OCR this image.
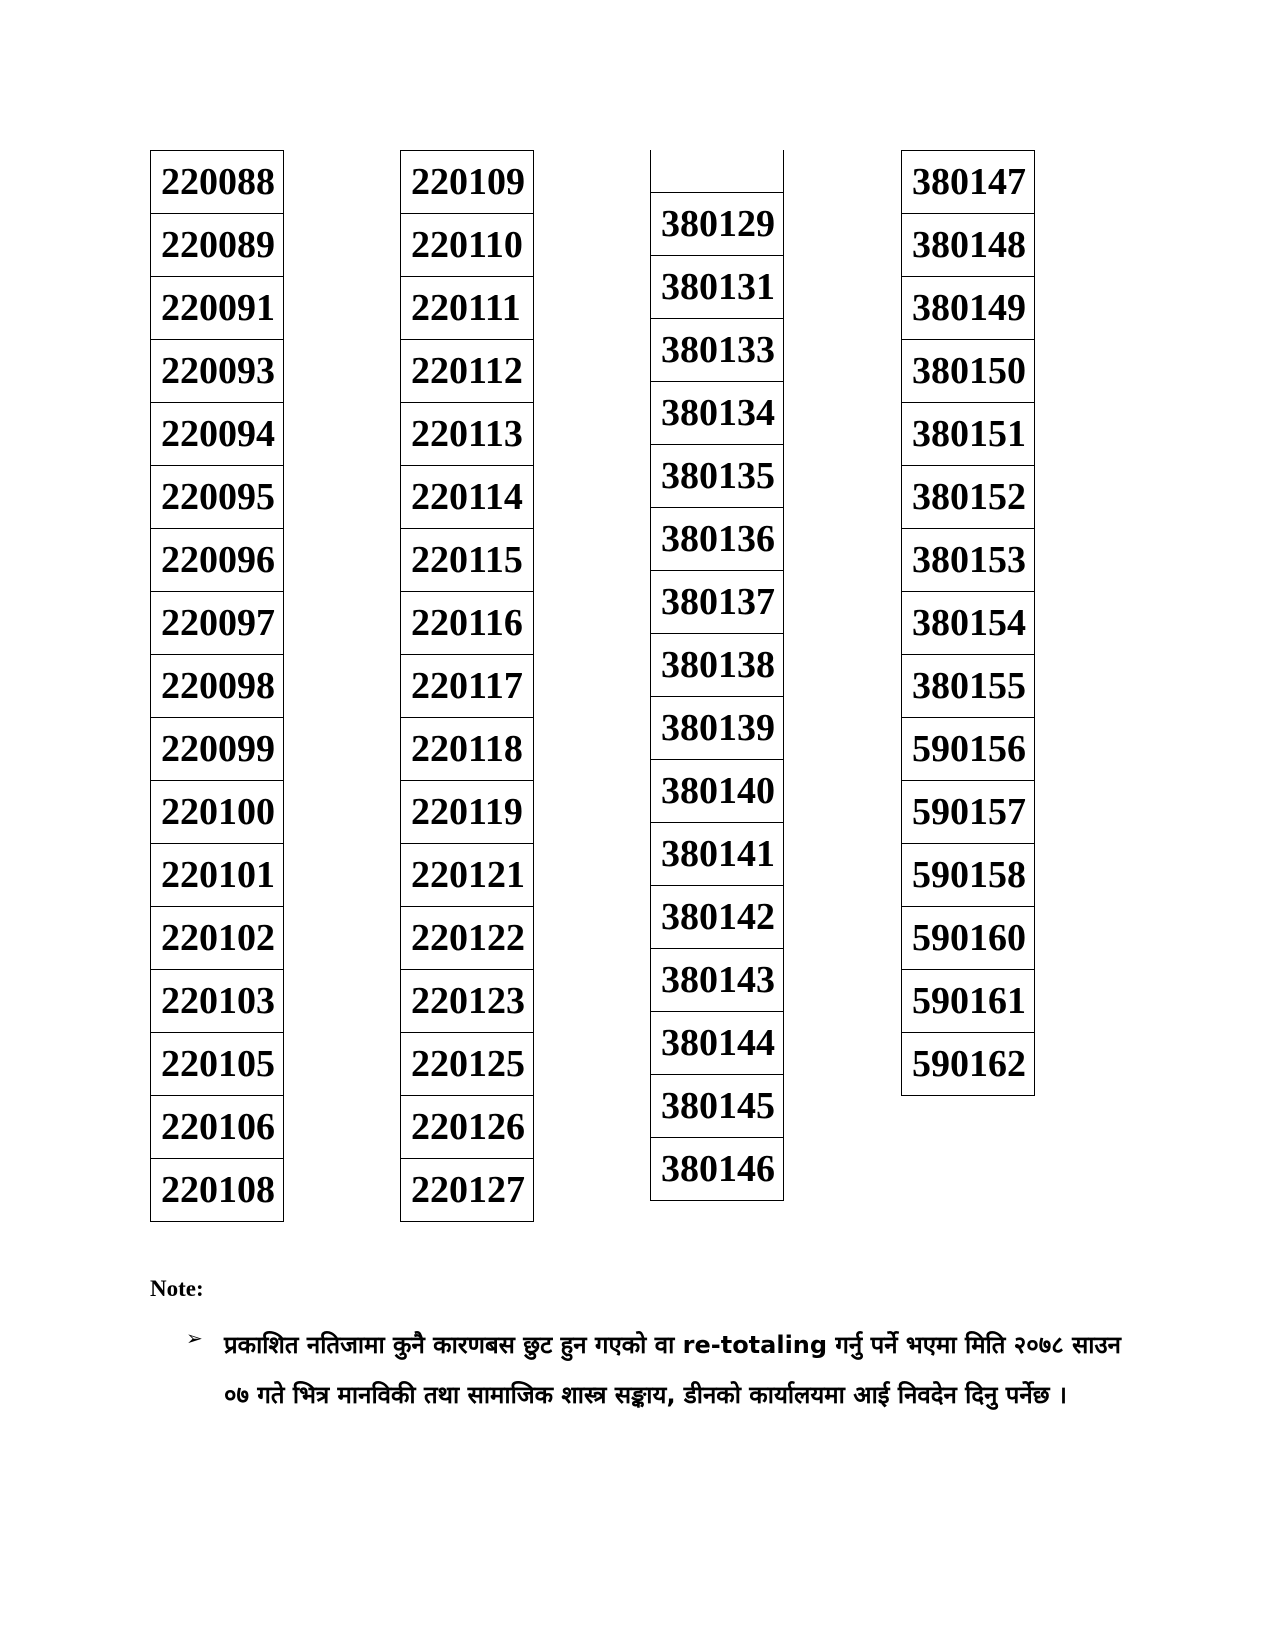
220088
220089
220091
220093
220094
220095
220096
220097
220098
220099
220100
220101
220102
220103
220105
220106
220108
220109
220110
220111
220112
220113
220114
220115
220116
220117
220118
220119
220121
220122
220123
220125
220126
220127
380129
380131
380133
380134
380135
380136
380137
380138
380139
380140
380141
380142
380143
380144
380145
380146
380147
380148
380149
380150
380151
380152
380153
380154
380155
590156
590157
590158
590160
590161
590162
Note:
➢ प्रकाशित नतिजामा कुनै कारणबस छुट हुन गएको वा re-totaling गर्नु पर्ने भएमा मिति २०७८ साउन ०७ गते भित्र मानविकी तथा सामाजिक शास्त्र सङ्काय, डीनको कार्यालयमा आई निवदेन दिनु पर्नेछ ।
